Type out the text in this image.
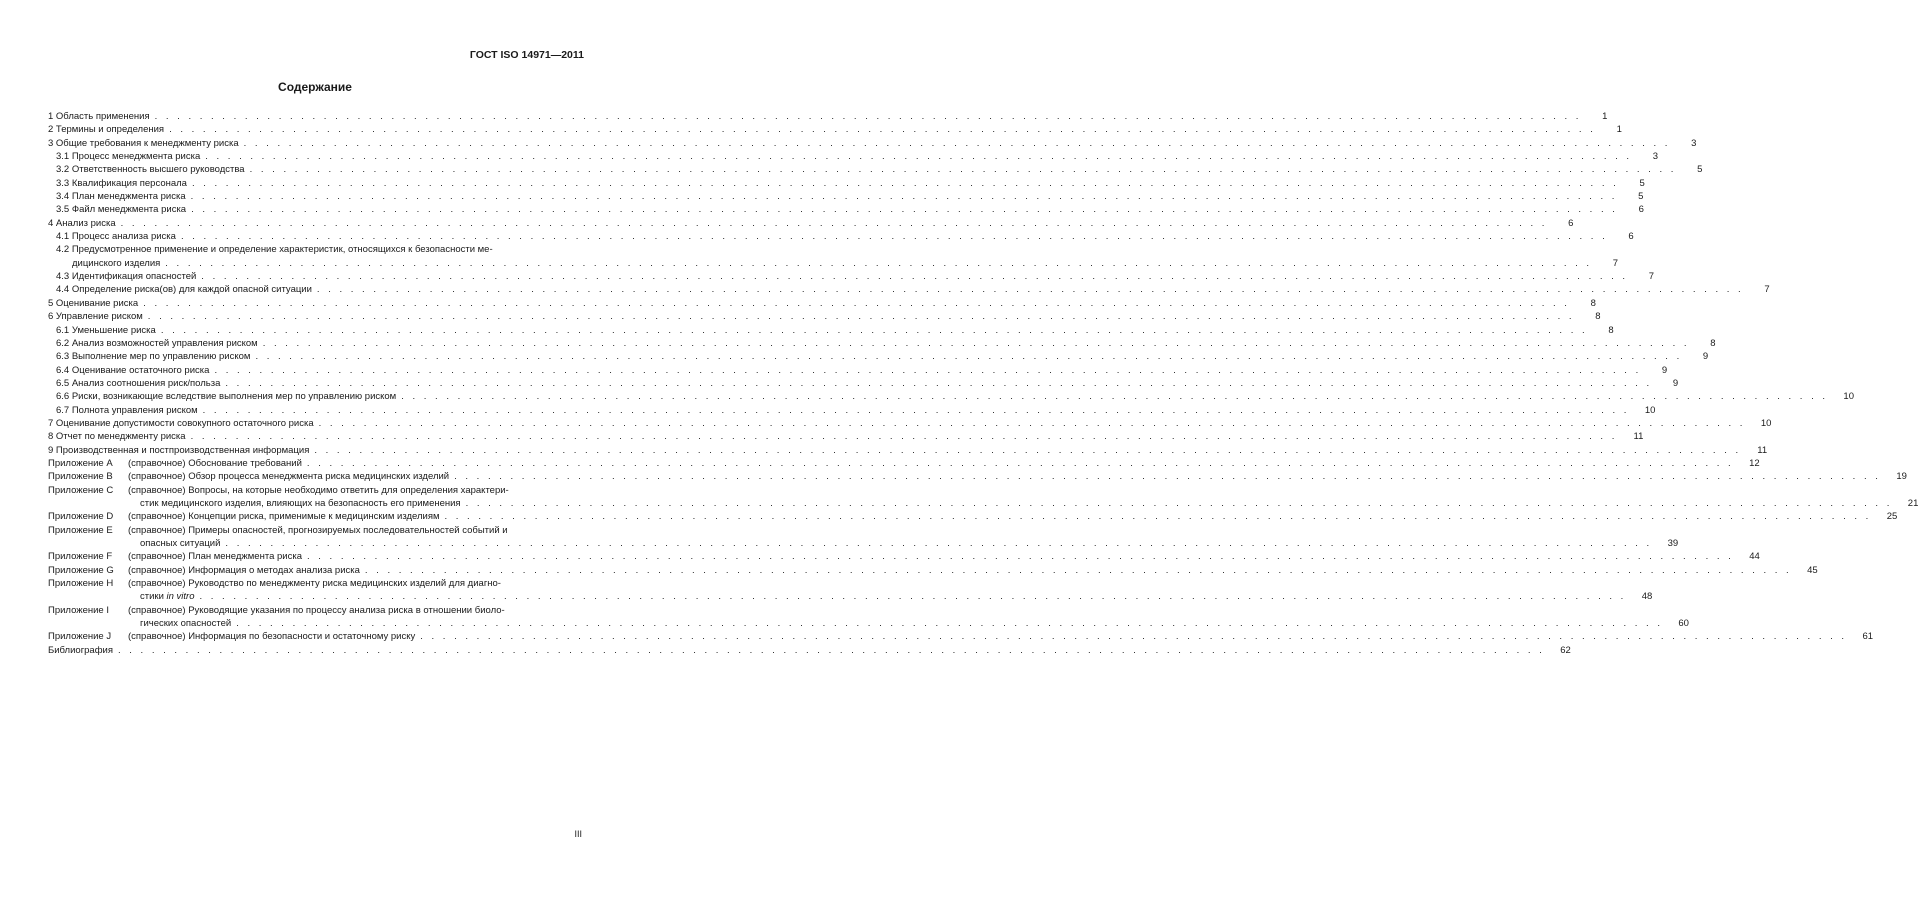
ГОСТ ISO 14971—2011
Содержание
1 Область применения . . .	1
2 Термины и определения . . .	1
3 Общие требования к менеджменту риска . . .	3
3.1 Процесс менеджмента риска . . .	3
3.2 Ответственность высшего руководства . . .	5
3.3 Квалификация персонала . . .	5
3.4 План менеджмента риска . . .	5
3.5 Файл менеджмента риска . . .	6
4 Анализ риска . . .	6
4.1 Процесс анализа риска . . .	6
4.2 Предусмотренное применение и определение характеристик, относящихся к безопасности ме-
дицинского изделия . . .	7
4.3 Идентификация опасностей . . .	7
4.4 Определение риска(ов) для каждой опасной ситуации . . .	7
5 Оценивание риска . . .	8
6 Управление риском . . .	8
6.1 Уменьшение риска . . .	8
6.2 Анализ возможностей управления риском . . .	8
6.3 Выполнение мер по управлению риском . . .	9
6.4 Оценивание остаточного риска . . .	9
6.5 Анализ соотношения риск/польза . . .	9
6.6 Риски, возникающие вследствие выполнения мер по управлению риском . . .	10
6.7 Полнота управления риском . . .	10
7 Оценивание допустимости совокупного остаточного риска . . .	10
8 Отчет по менеджменту риска . . .	11
9 Производственная и постпроизводственная информация . . .	11
Приложение А	(справочное) Обоснование требований . . .	12
Приложение В	(справочное) Обзор процесса менеджмента риска медицинских изделий . . .	19
Приложение С	(справочное) Вопросы, на которые необходимо ответить для определения характери-
стик медицинского изделия, влияющих на безопасность его применения . . .	21
Приложение D	(справочное) Концепции риска, применимые к медицинским изделиям . . .	25
Приложение Е	(справочное) Примеры опасностей, прогнозируемых последовательностей событий и
опасных ситуаций . . .	39
Приложение F	(справочное) План менеджмента риска . . .	44
Приложение G	(справочное) Информация о методах анализа риска . . .	45
Приложение Н	(справочное) Руководство по менеджменту риска медицинских изделий для диагно-
стики in vitro . . .	48
Приложение I	(справочное) Руководящие указания по процессу анализа риска в отношении биоло-
гических опасностей . . .	60
Приложение J	(справочное) Информация по безопасности и остаточному риску . . .	61
Библиография . . .	62
III
